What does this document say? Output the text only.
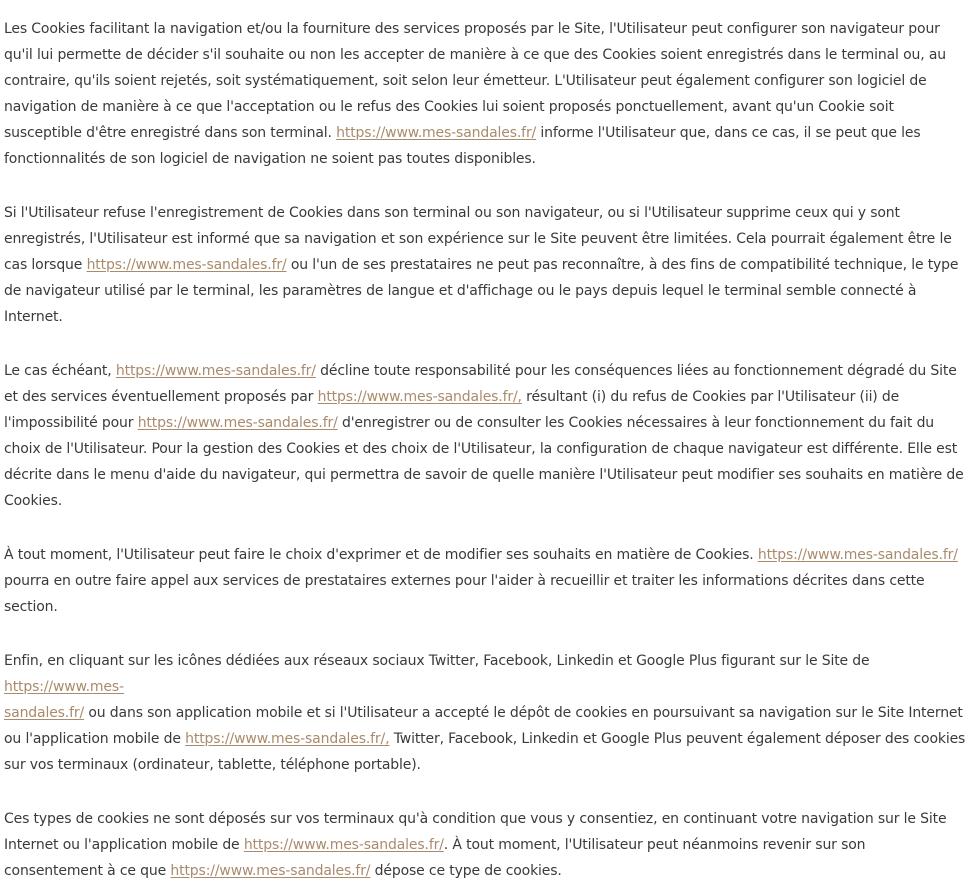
Les Cookies facilitant la navigation et/ou la fourniture des services proposés par le Site, l'Utilisateur peut configurer son navigateur pour qu'il lui permette de décider s'il souhaite ou non les accepter de manière à ce que des Cookies soient enregistrés dans le terminal ou, au contraire, qu'ils soient rejetés, soit systématiquement, soit selon leur émetteur. L'Utilisateur peut également configurer son logiciel de navigation de manière à ce que l'acceptation ou le refus des Cookies lui soient proposés ponctuellement, avant qu'un Cookie soit susceptible d'être enregistré dans son terminal. https://www.mes-sandales.fr/ informe l'Utilisateur que, dans ce cas, il se peut que les fonctionnalités de son logiciel de navigation ne soient pas toutes disponibles.

Si l'Utilisateur refuse l'enregistrement de Cookies dans son terminal ou son navigateur, ou si l'Utilisateur supprime ceux qui y sont enregistrés, l'Utilisateur est informé que sa navigation et son expérience sur le Site peuvent être limitées. Cela pourrait également être le cas lorsque https://www.mes-sandales.fr/ ou l'un de ses prestataires ne peut pas reconnaître, à des fins de compatibilité technique, le type de navigateur utilisé par le terminal, les paramètres de langue et d'affichage ou le pays depuis lequel le terminal semble connecté à Internet.

Le cas échéant, https://www.mes-sandales.fr/ décline toute responsabilité pour les conséquences liées au fonctionnement dégradé du Site et des services éventuellement proposés par https://www.mes-sandales.fr/, résultant (i) du refus de Cookies par l'Utilisateur (ii) de l'impossibilité pour https://www.mes-sandales.fr/ d'enregistrer ou de consulter les Cookies nécessaires à leur fonctionnement du fait du choix de l'Utilisateur. Pour la gestion des Cookies et des choix de l'Utilisateur, la configuration de chaque navigateur est différente. Elle est décrite dans le menu d'aide du navigateur, qui permettra de savoir de quelle manière l'Utilisateur peut modifier ses souhaits en matière de Cookies.

À tout moment, l'Utilisateur peut faire le choix d'exprimer et de modifier ses souhaits en matière de Cookies. https://www.mes-sandales.fr/ pourra en outre faire appel aux services de prestataires externes pour l'aider à recueillir et traiter les informations décrites dans cette section.

Enfin, en cliquant sur les icônes dédiées aux réseaux sociaux Twitter, Facebook, Linkedin et Google Plus figurant sur le Site de https://www.mes-
sandales.fr/ ou dans son application mobile et si l'Utilisateur a accepté le dépôt de cookies en poursuivant sa navigation sur le Site Internet ou l'application mobile de https://www.mes-sandales.fr/, Twitter, Facebook, Linkedin et Google Plus peuvent également déposer des cookies sur vos terminaux (ordinateur, tablette, téléphone portable).

Ces types de cookies ne sont déposés sur vos terminaux qu'à condition que vous y consentiez, en continuant votre navigation sur le Site Internet ou l'application mobile de https://www.mes-sandales.fr/. À tout moment, l'Utilisateur peut néanmoins revenir sur son consentement à ce que https://www.mes-sandales.fr/ dépose ce type de cookies.
